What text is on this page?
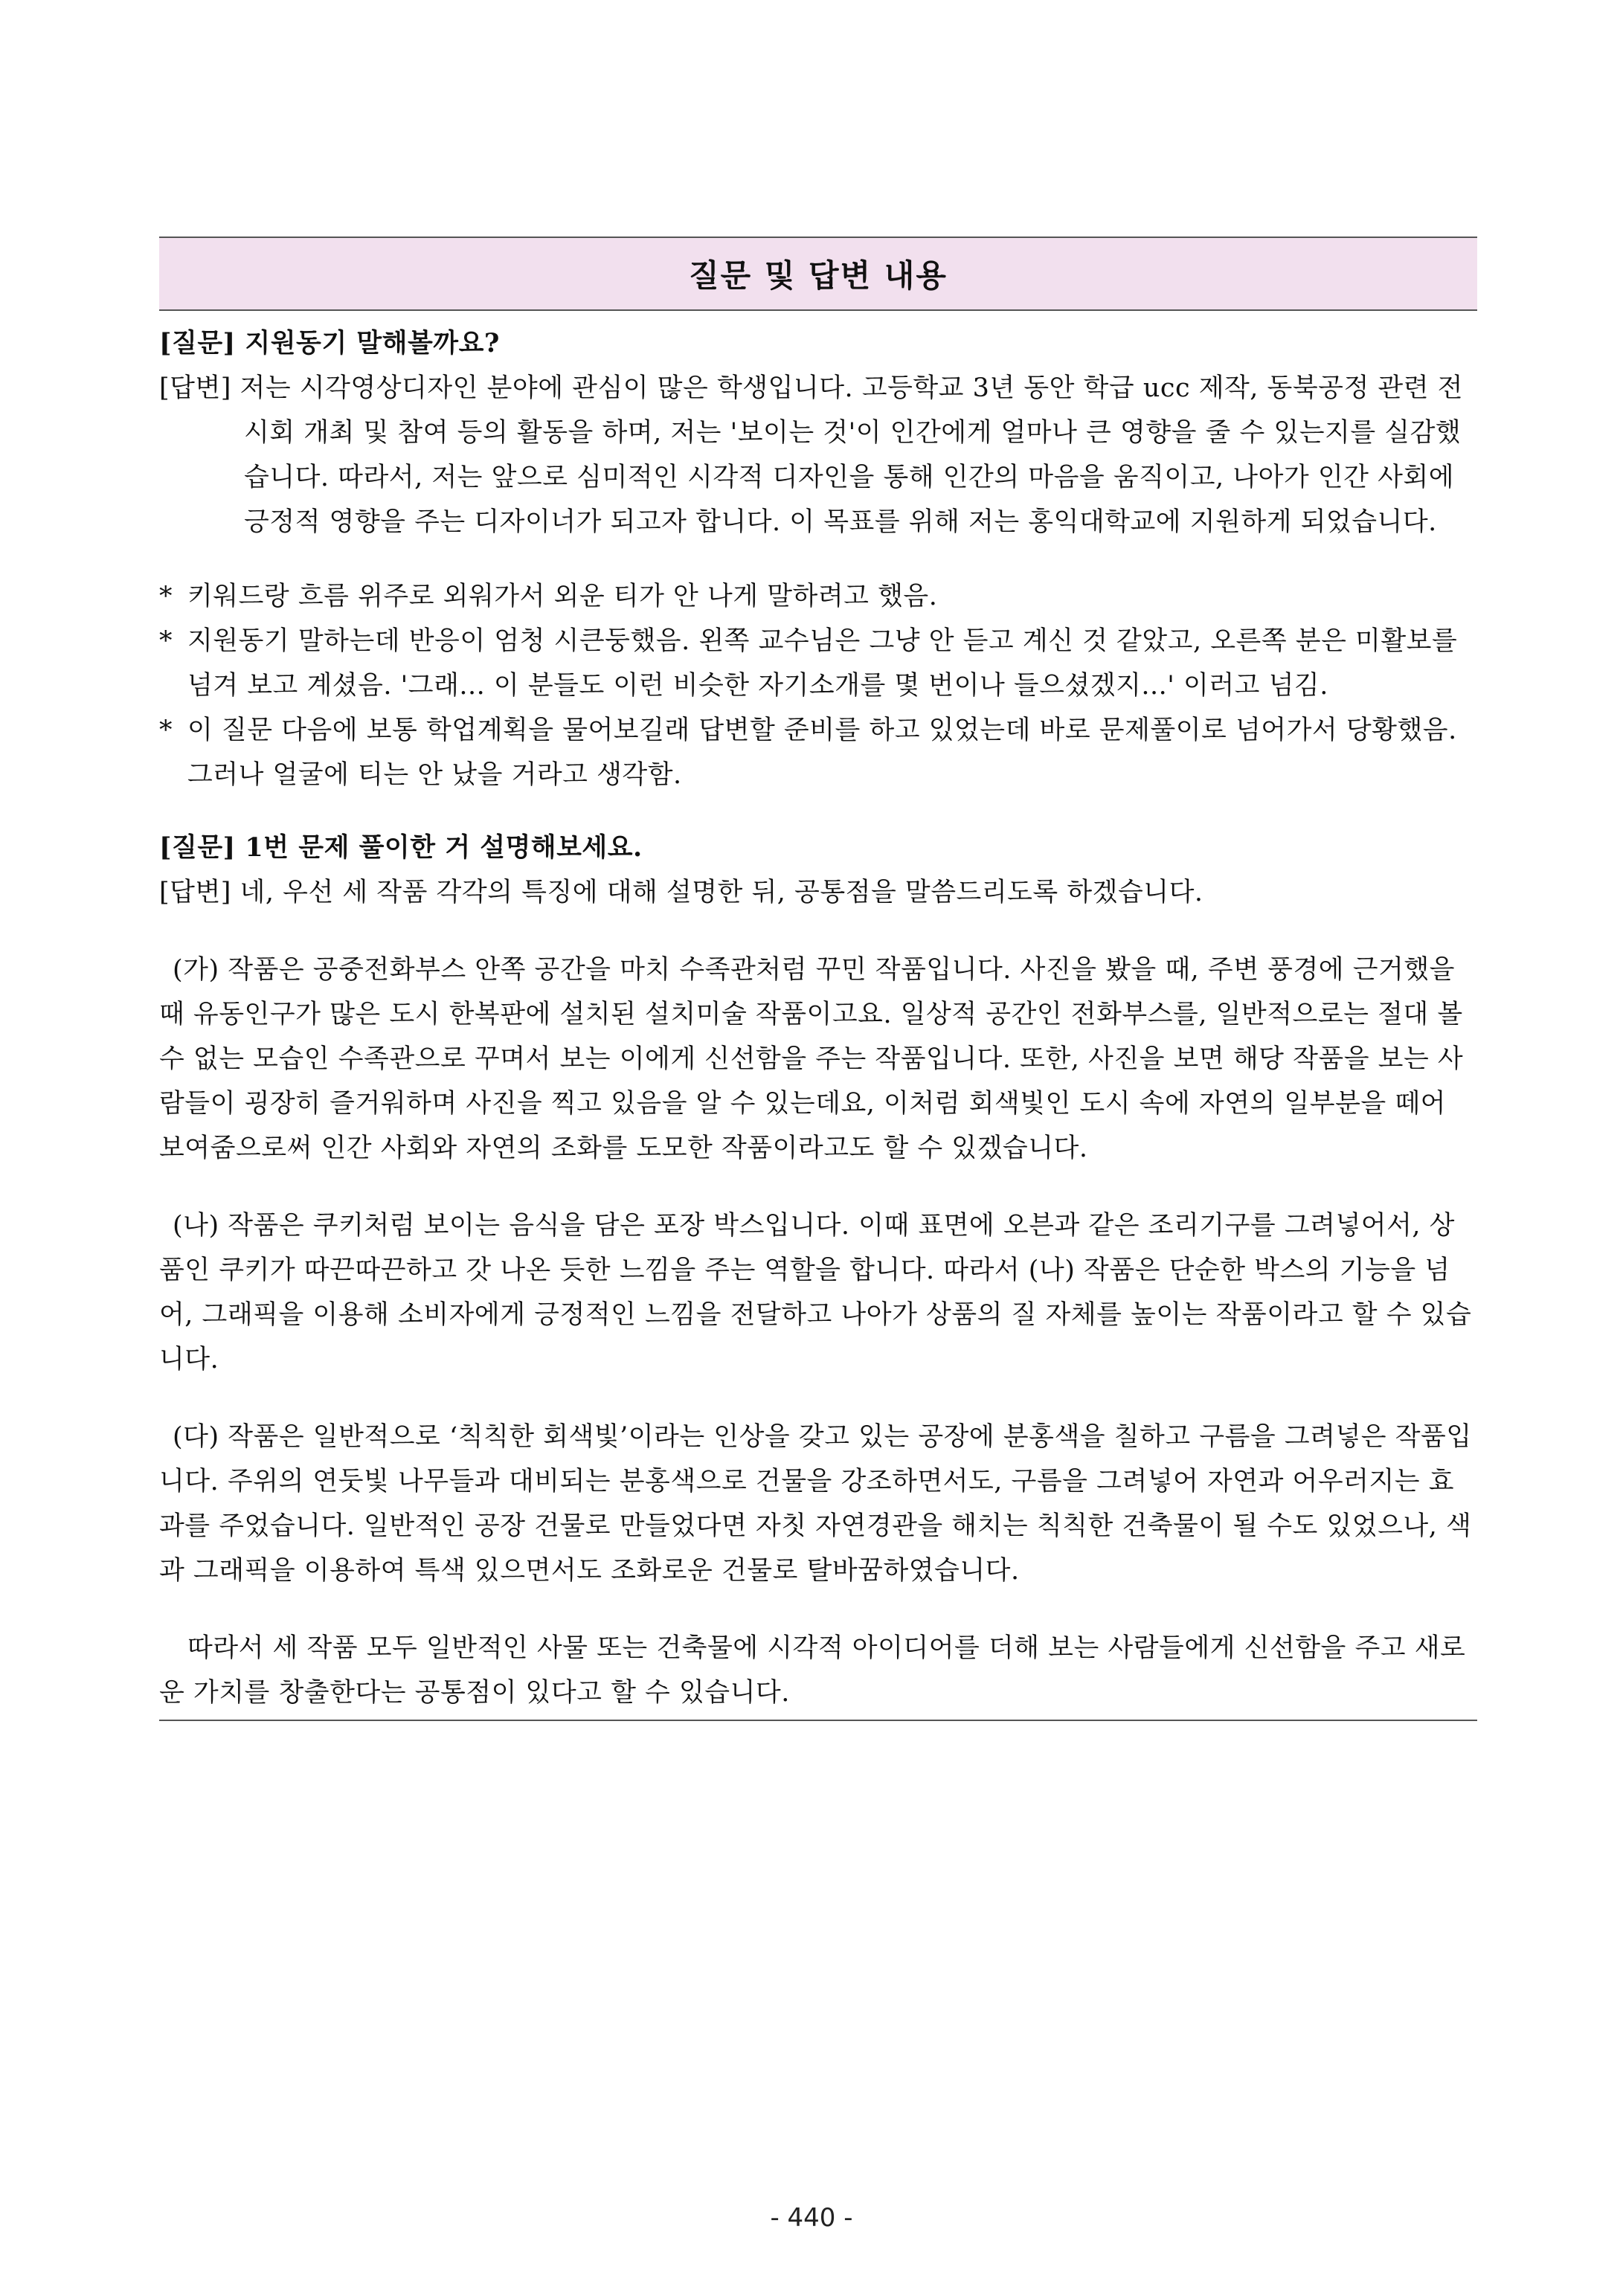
질문 및 답변 내용

[질문] 지원동기 말해볼까요?

[답변] 저는 시각영상디자인 분야에 관심이 많은 학생입니다. 고등학교 3년 동안 학급 ucc 제작, 동북공정 관련 전시회 개최 및 참여 등의 활동을 하며, 저는 '보이는 것'이 인간에게 얼마나 큰 영향을 줄 수 있는지를 실감했습니다. 따라서, 저는 앞으로 심미적인 시각적 디자인을 통해 인간의 마음을 움직이고, 나아가 인간 사회에 긍정적 영향을 주는 디자이너가 되고자 합니다. 이 목표를 위해 저는 홍익대학교에 지원하게 되었습니다.

* 키워드랑 흐름 위주로 외워가서 외운 티가 안 나게 말하려고 했음.
* 지원동기 말하는데 반응이 엄청 시큰둥했음. 왼쪽 교수님은 그냥 안 듣고 계신 것 같았고, 오른쪽 분은 미활보를 넘겨 보고 계셨음. '그래... 이 분들도 이런 비슷한 자기소개를 몇 번이나 들으셨겠지...' 이러고 넘김.
* 이 질문 다음에 보통 학업계획을 물어보길래 답변할 준비를 하고 있었는데 바로 문제풀이로 넘어가서 당황했음. 그러나 얼굴에 티는 안 났을 거라고 생각함.

[질문] 1번 문제 풀이한 거 설명해보세요.

[답변] 네, 우선 세 작품 각각의 특징에 대해 설명한 뒤, 공통점을 말씀드리도록 하겠습니다.

(가) 작품은 공중전화부스 안쪽 공간을 마치 수족관처럼 꾸민 작품입니다. 사진을 봤을 때, 주변 풍경에 근거했을 때 유동인구가 많은 도시 한복판에 설치된 설치미술 작품이고요. 일상적 공간인 전화부스를, 일반적으로는 절대 볼 수 없는 모습인 수족관으로 꾸며서 보는 이에게 신선함을 주는 작품입니다. 또한, 사진을 보면 해당 작품을 보는 사람들이 굉장히 즐거워하며 사진을 찍고 있음을 알 수 있는데요, 이처럼 회색빛인 도시 속에 자연의 일부분을 떼어 보여줌으로써 인간 사회와 자연의 조화를 도모한 작품이라고도 할 수 있겠습니다.

(나) 작품은 쿠키처럼 보이는 음식을 담은 포장 박스입니다. 이때 표면에 오븐과 같은 조리기구를 그려넣어서, 상품인 쿠키가 따끈따끈하고 갓 나온 듯한 느낌을 주는 역할을 합니다. 따라서 (나) 작품은 단순한 박스의 기능을 넘어, 그래픽을 이용해 소비자에게 긍정적인 느낌을 전달하고 나아가 상품의 질 자체를 높이는 작품이라고 할 수 있습니다.

(다) 작품은 일반적으로 ‘칙칙한 회색빛’이라는 인상을 갖고 있는 공장에 분홍색을 칠하고 구름을 그려넣은 작품입니다. 주위의 연둣빛 나무들과 대비되는 분홍색으로 건물을 강조하면서도, 구름을 그려넣어 자연과 어우러지는 효과를 주었습니다. 일반적인 공장 건물로 만들었다면 자칫 자연경관을 해치는 칙칙한 건축물이 될 수도 있었으나, 색과 그래픽을 이용하여 특색 있으면서도 조화로운 건물로 탈바꿈하였습니다.

따라서 세 작품 모두 일반적인 사물 또는 건축물에 시각적 아이디어를 더해 보는 사람들에게 신선함을 주고 새로운 가치를 창출한다는 공통점이 있다고 할 수 있습니다.

- 440 -
